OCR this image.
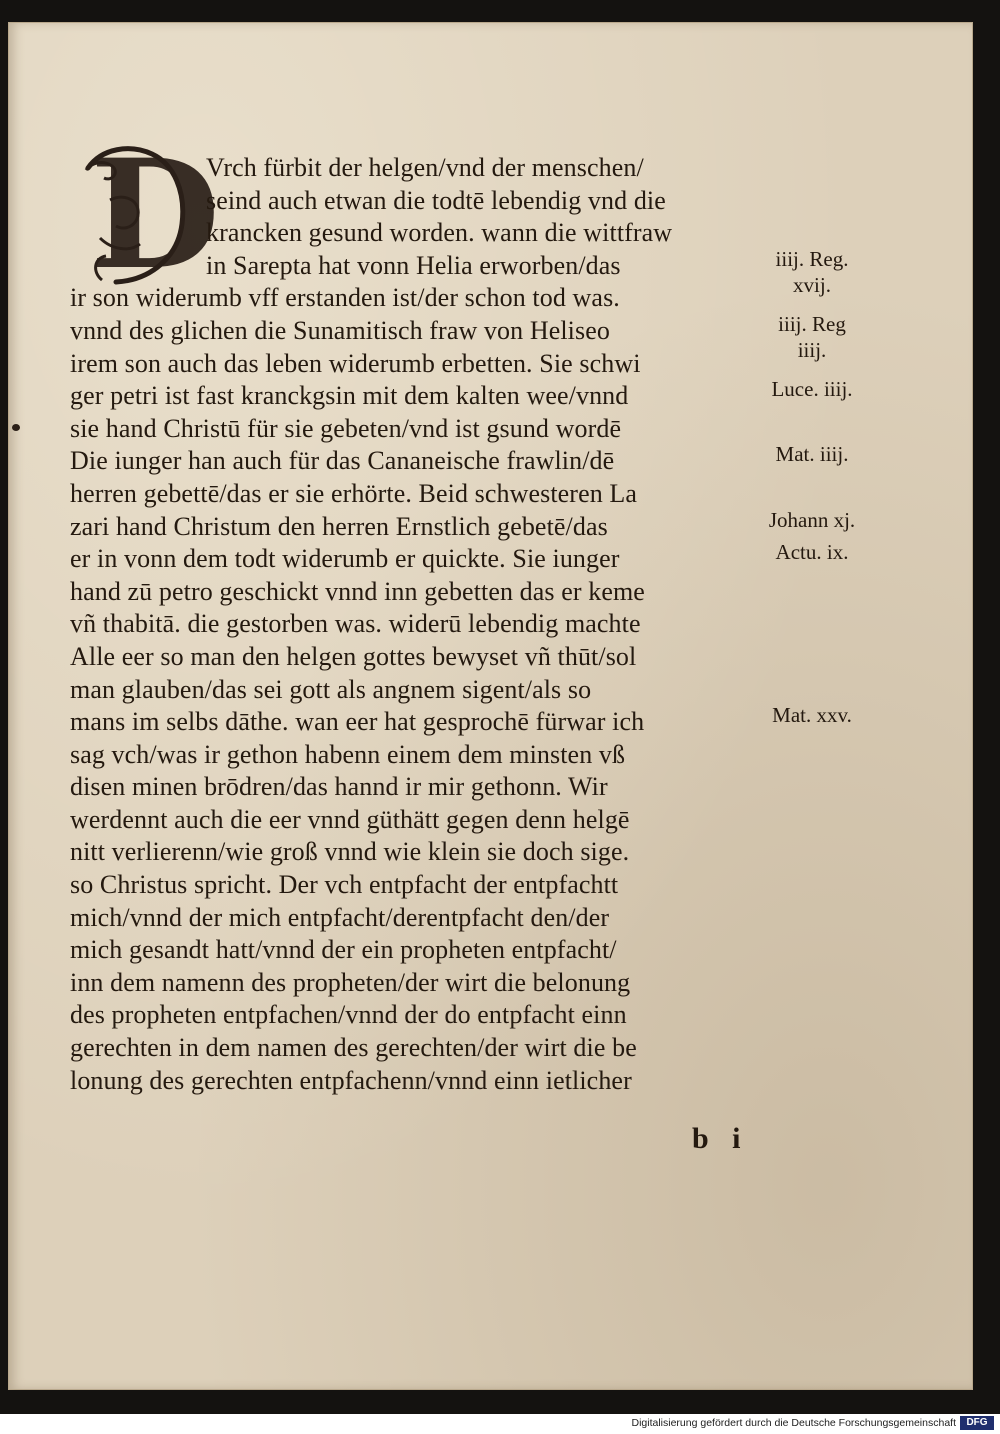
D
Vrch fürbit der helgen/vnd der menschen/
seind auch etwan die todtē lebendig vnd die
krancken gesund worden. wann die wittfraw
in Sarepta hat vonn Helia erworben/das
ir son widerumb vff erstanden ist/der schon tod was.
vnnd des glichen die Sunamitisch fraw von Heliseo
irem son auch das leben widerumb erbetten. Sie schwi
ger petri ist fast kranckgsin mit dem kalten wee/vnnd
sie hand Christū für sie gebeten/vnd ist gsund wordē
Die iunger han auch für das Cananeische frawlin/dē
herren gebettē/das er sie erhörte. Beid schwesteren La
zari hand Christum den herren Ernstlich gebetē/das
er in vonn dem todt widerumb er quickte. Sie iunger
hand zū petro geschickt vnnd inn gebetten das er keme
vñ thabitā. die gestorben was. widerū lebendig machte
Alle eer so man den helgen gottes bewyset vñ thūt/sol
man glauben/das sei gott als angnem sigent/als so
mans im selbs dāthe. wan eer hat gesprochē fürwar ich
sag vch/was ir gethon habenn einem dem minsten vß
disen minen brōdren/das hannd ir mir gethonn. Wir
werdennt auch die eer vnnd güthätt gegen denn helgē
nitt verlierenn/wie groß vnnd wie klein sie doch sige.
so Christus spricht. Der vch entpfacht der entpfachtt
mich/vnnd der mich entpfacht/derentpfacht den/der
mich gesandt hatt/vnnd der ein propheten entpfacht/
inn dem namenn des propheten/der wirt die belonung
des propheten entpfachen/vnnd der do entpfacht einn
gerechten in dem namen des gerechten/der wirt die be
lonung des gerechten entpfachenn/vnnd einn ietlicher
iiij. Reg. xvij.
iiij. Reg iiij.
Luce. iiij.
Mat. iiij.
Johann xj.
Actu. ix.
Mat. xxv.
b i
Digitalisierung gefördert durch die Deutsche Forschungsgemeinschaft	DFG
